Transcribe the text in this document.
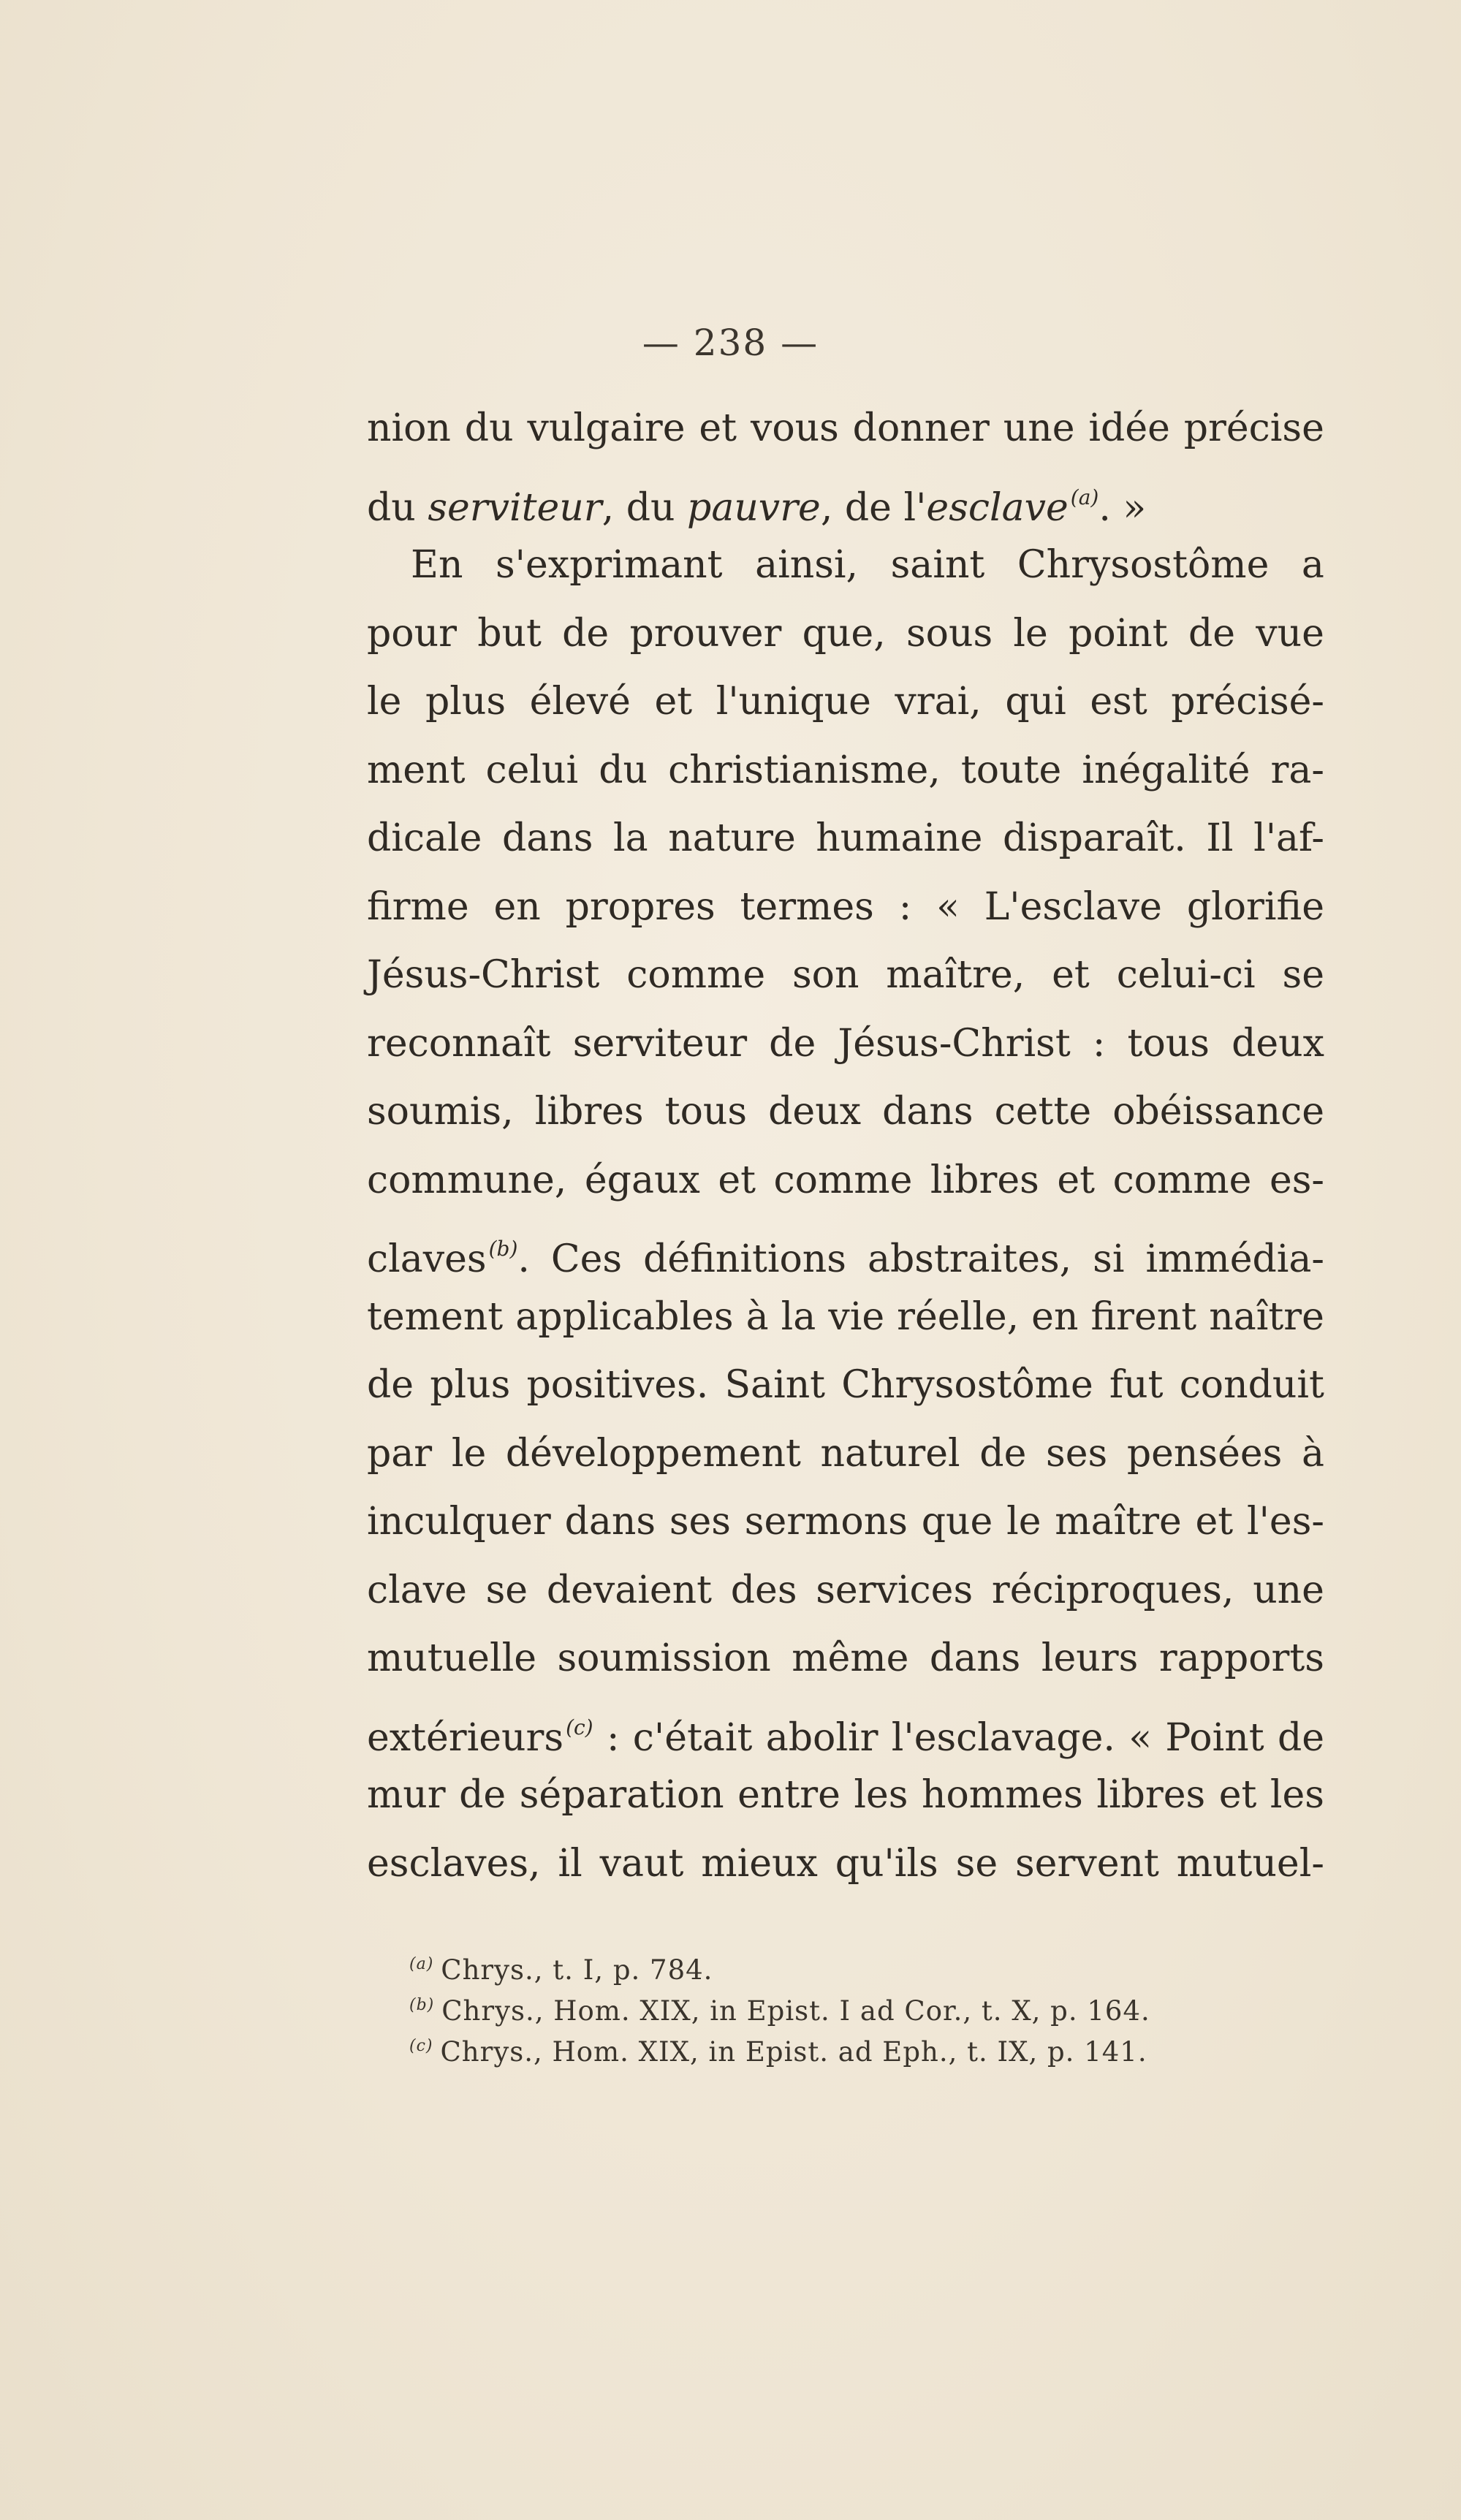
— 238 —
nion du vulgaire et vous donner une idée précise
du
serviteur,
du
pauvre,
de
l'esclave $^{(a)}$.
»
En s'exprimant ainsi, saint Chrysostôme a
pour but de prouver que, sous le point de vue
le plus élevé et l'unique vrai, qui est précisé-
ment celui du christianisme, toute inégalité ra-
dicale dans la nature humaine disparaît. Il l'af-
firme en propres termes : « L'esclave glorifie
Jésus-Christ comme son maître, et celui-ci se
reconnaît serviteur de Jésus-Christ : tous deux
soumis, libres tous deux dans cette obéissance
commune, égaux et comme libres et comme es-
claves $^{(b)}$. Ces définitions abstraites, si immédia-
tement applicables à la vie réelle, en firent naître
de plus positives. Saint Chrysostôme fut conduit
par le développement naturel de ses pensées à
inculquer dans ses sermons que le maître et l'es-
clave se devaient des services réciproques, une
mutuelle soumission même dans leurs rapports
extérieurs $^{(c)}$ : c'était abolir l'esclavage. « Point de
mur de séparation entre les hommes libres et les
esclaves, il vaut mieux qu'ils se servent mutuel-
$^{(a)}$ Chrys., t. I, p. 784.
$^{(b)}$ Chrys., Hom. XIX, in Epist. I ad Cor., t. X, p. 164.
$^{(c)}$ Chrys., Hom. XIX, in Epist. ad Eph., t. IX, p. 141.
